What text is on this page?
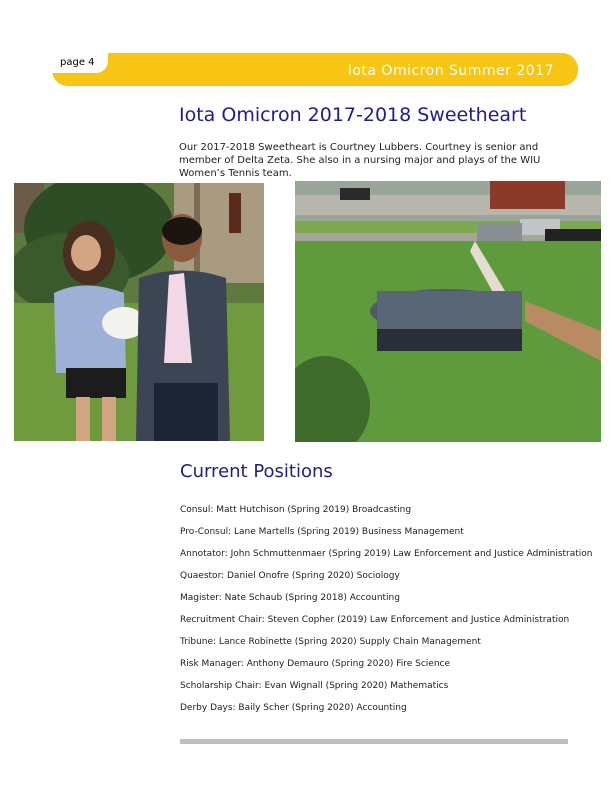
page 4
Iota Omicron Summer 2017
Iota Omicron 2017-2018 Sweetheart
Our 2017-2018 Sweetheart is Courtney Lubbers. Courtney is senior and member of Delta Zeta. She also in a nursing major and plays of the WIU Women’s Tennis team.
Current Positions
Consul: Matt Hutchison (Spring 2019) Broadcasting
Pro-Consul: Lane Martells (Spring 2019) Business Management
Annotator: John Schmuttenmaer (Spring 2019) Law Enforcement and Justice Administration
Quaestor: Daniel Onofre (Spring 2020) Sociology
Magister: Nate Schaub (Spring 2018) Accounting
Recruitment Chair: Steven Copher (2019) Law Enforcement and Justice Administration
Tribune: Lance Robinette (Spring 2020) Supply Chain Management
Risk Manager: Anthony Demauro (Spring 2020) Fire Science
Scholarship Chair: Evan Wignall (Spring 2020) Mathematics
Derby Days: Baily Scher (Spring 2020) Accounting
